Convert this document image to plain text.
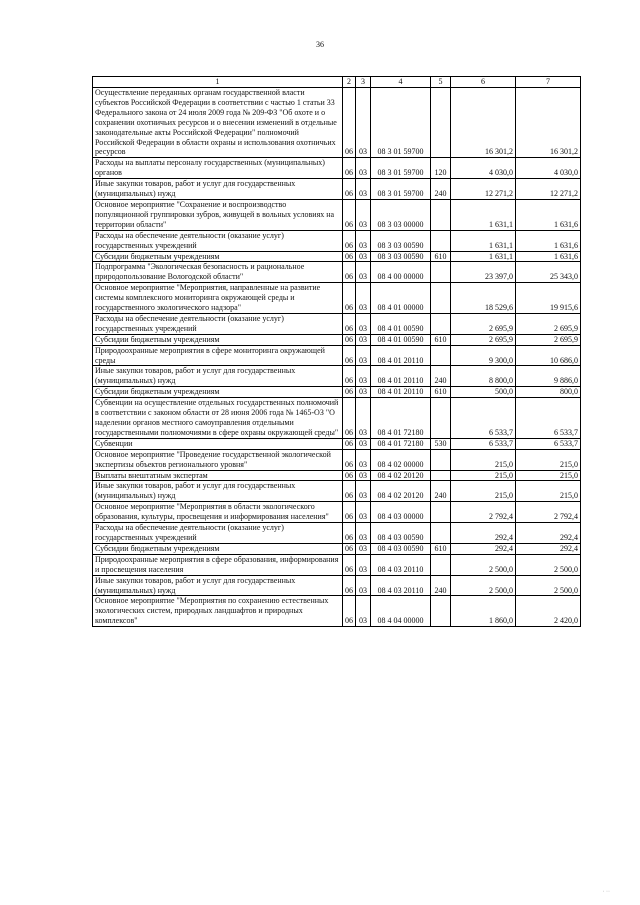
36
1	2	3	4	5	6	7
Осуществление переданных органам государственной власти субъектов Российской Федерации в соответствии с частью 1 статьи 33 Федерального закона от 24 июля 2009 года № 209-ФЗ "Об охоте и о сохранении охотничьих ресурсов и о внесении изменений в отдельные законодательные акты Российской Федерации" полномочий Российской Федерации в области охраны и использования охотничьих ресурсов	06	03	08 3 01 59700		16 301,2	16 301,2
Расходы на выплаты персоналу государственных (муниципальных) органов	06	03	08 3 01 59700	120	4 030,0	4 030,0
Иные закупки товаров, работ и услуг для государственных (муниципальных) нужд	06	03	08 3 01 59700	240	12 271,2	12 271,2
Основное мероприятие "Сохранение и воспроизводство популяционной группировки зубров, живущей в вольных условиях на территории области"	06	03	08 3 03 00000		1 631,1	1 631,6
Расходы на обеспечение деятельности (оказание услуг) государственных учреждений	06	03	08 3 03 00590		1 631,1	1 631,6
Субсидии бюджетным учреждениям	06	03	08 3 03 00590	610	1 631,1	1 631,6
Подпрограмма "Экологическая безопасность и рациональное природопользование Вологодской области"	06	03	08 4 00 00000		23 397,0	25 343,0
Основное мероприятие "Мероприятия, направленные на развитие системы комплексного мониторинга окружающей среды и государственного экологического надзора"	06	03	08 4 01 00000		18 529,6	19 915,6
Расходы на обеспечение деятельности (оказание услуг) государственных учреждений	06	03	08 4 01 00590		2 695,9	2 695,9
Субсидии бюджетным учреждениям	06	03	08 4 01 00590	610	2 695,9	2 695,9
Природоохранные мероприятия в сфере мониторинга окружающей среды	06	03	08 4 01 20110		9 300,0	10 686,0
Иные закупки товаров, работ и услуг для государственных (муниципальных) нужд	06	03	08 4 01 20110	240	8 800,0	9 886,0
Субсидии бюджетным учреждениям	06	03	08 4 01 20110	610	500,0	800,0
Субвенции на осуществление отдельных государственных полномочий в соответствии с законом области от 28 июня 2006 года № 1465-ОЗ "О наделении органов местного самоуправления отдельными государственными полномочиями в сфере охраны окружающей среды"	06	03	08 4 01 72180		6 533,7	6 533,7
Субвенции	06	03	08 4 01 72180	530	6 533,7	6 533,7
Основное мероприятие "Проведение государственной экологической экспертизы объектов регионального уровня"	06	03	08 4 02 00000		215,0	215,0
Выплаты внештатным экспертам	06	03	08 4 02 20120		215,0	215,0
Иные закупки товаров, работ и услуг для государственных (муниципальных) нужд	06	03	08 4 02 20120	240	215,0	215,0
Основное мероприятие "Мероприятия в области экологического образования, культуры, просвещения и информирования населения"	06	03	08 4 03 00000		2 792,4	2 792,4
Расходы на обеспечение деятельности (оказание услуг) государственных учреждений	06	03	08 4 03 00590		292,4	292,4
Субсидии бюджетным учреждениям	06	03	08 4 03 00590	610	292,4	292,4
Природоохранные мероприятия в сфере образования, информирования и просвещения населения	06	03	08 4 03 20110		2 500,0	2 500,0
Иные закупки товаров, работ и услуг для государственных (муниципальных) нужд	06	03	08 4 03 20110	240	2 500,0	2 500,0
Основное мероприятие "Мероприятия по сохранению естественных экологических систем, природных ландшафтов и природных комплексов"	06	03	08 4 04 00000		1 860,0	2 420,0
· ··
